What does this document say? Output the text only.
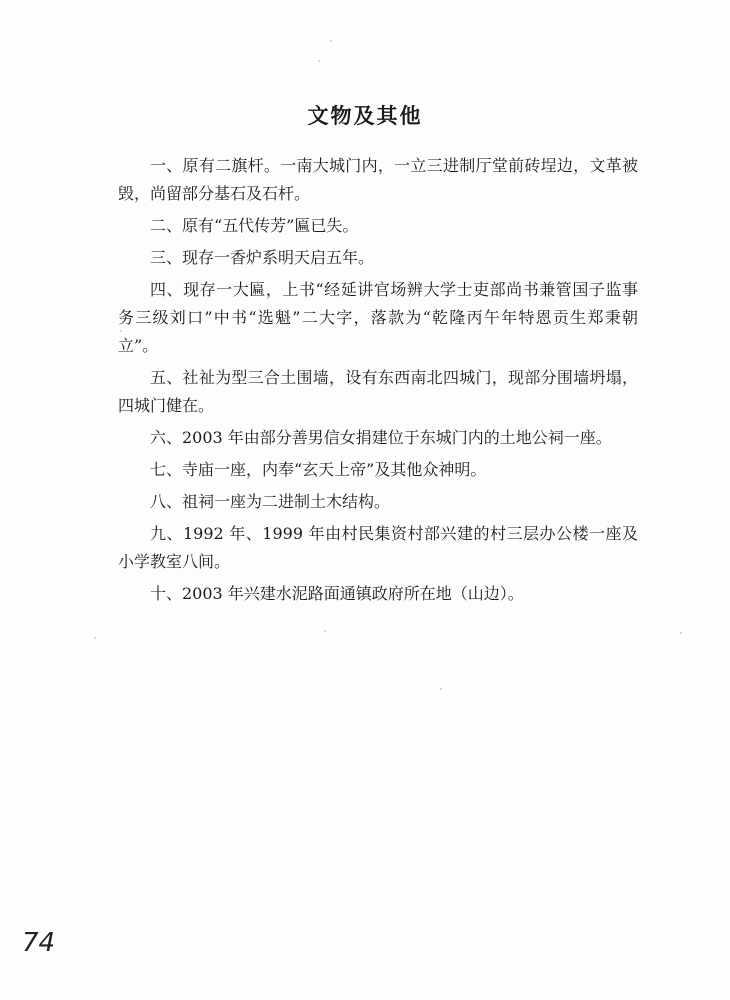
文物及其他

一、原有二旗杆。一南大城门内，一立三进制厅堂前砖埕边，文革被毁，尚留部分基石及石杆。

二、原有“五代传芳”匾已失。

三、现存一香炉系明天启五年。

四、现存一大匾，上书“经延讲官场辨大学士吏部尚书兼管国子监事务三级刘口”中书“选魁”二大字，落款为“乾隆丙午年特恩贡生郑秉朝立”。

五、社祉为型三合土围墙，设有东西南北四城门，现部分围墙坍塌，四城门健在。

六、2003 年由部分善男信女捐建位于东城门内的土地公祠一座。

七、寺庙一座，内奉“玄天上帝”及其他众神明。

八、祖祠一座为二进制土木结构。

九、1992 年、1999 年由村民集资村部兴建的村三层办公楼一座及小学教室八间。

十、2003 年兴建水泥路面通镇政府所在地（山边）。

74
